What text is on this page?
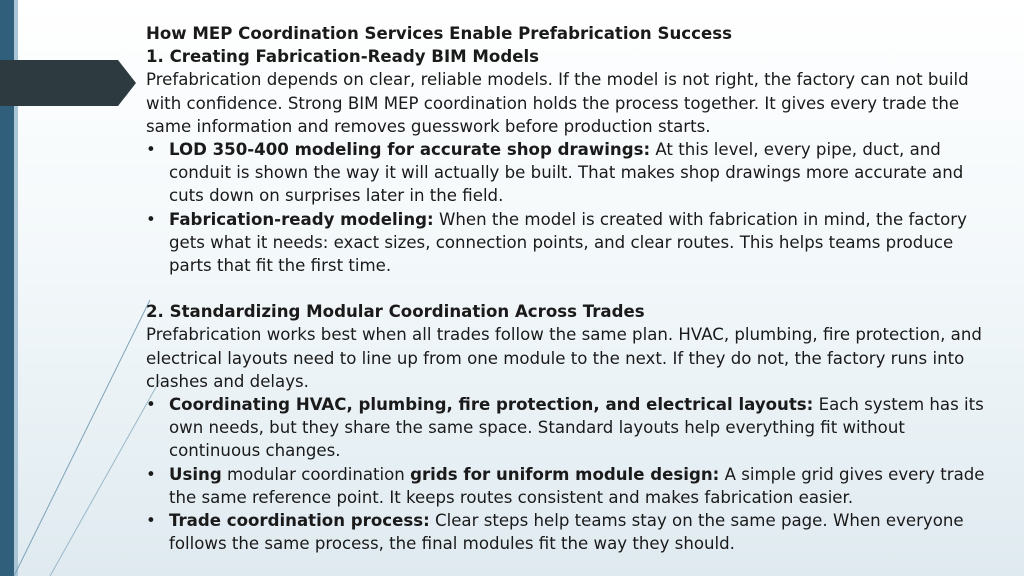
How MEP Coordination Services Enable Prefabrication Success

1. Creating Fabrication-Ready BIM Models

Prefabrication depends on clear, reliable models. If the model is not right, the factory can not build with confidence. Strong BIM MEP coordination holds the process together. It gives every trade the same information and removes guesswork before production starts.

• LOD 350-400 modeling for accurate shop drawings: At this level, every pipe, duct, and conduit is shown the way it will actually be built. That makes shop drawings more accurate and cuts down on surprises later in the field.
• Fabrication-ready modeling: When the model is created with fabrication in mind, the factory gets what it needs: exact sizes, connection points, and clear routes. This helps teams produce parts that fit the first time.

2. Standardizing Modular Coordination Across Trades

Prefabrication works best when all trades follow the same plan. HVAC, plumbing, fire protection, and electrical layouts need to line up from one module to the next. If they do not, the factory runs into clashes and delays.

• Coordinating HVAC, plumbing, fire protection, and electrical layouts: Each system has its own needs, but they share the same space. Standard layouts help everything fit without continuous changes.
• Using modular coordination grids for uniform module design: A simple grid gives every trade the same reference point. It keeps routes consistent and makes fabrication easier.
• Trade coordination process: Clear steps help teams stay on the same page. When everyone follows the same process, the final modules fit the way they should.
